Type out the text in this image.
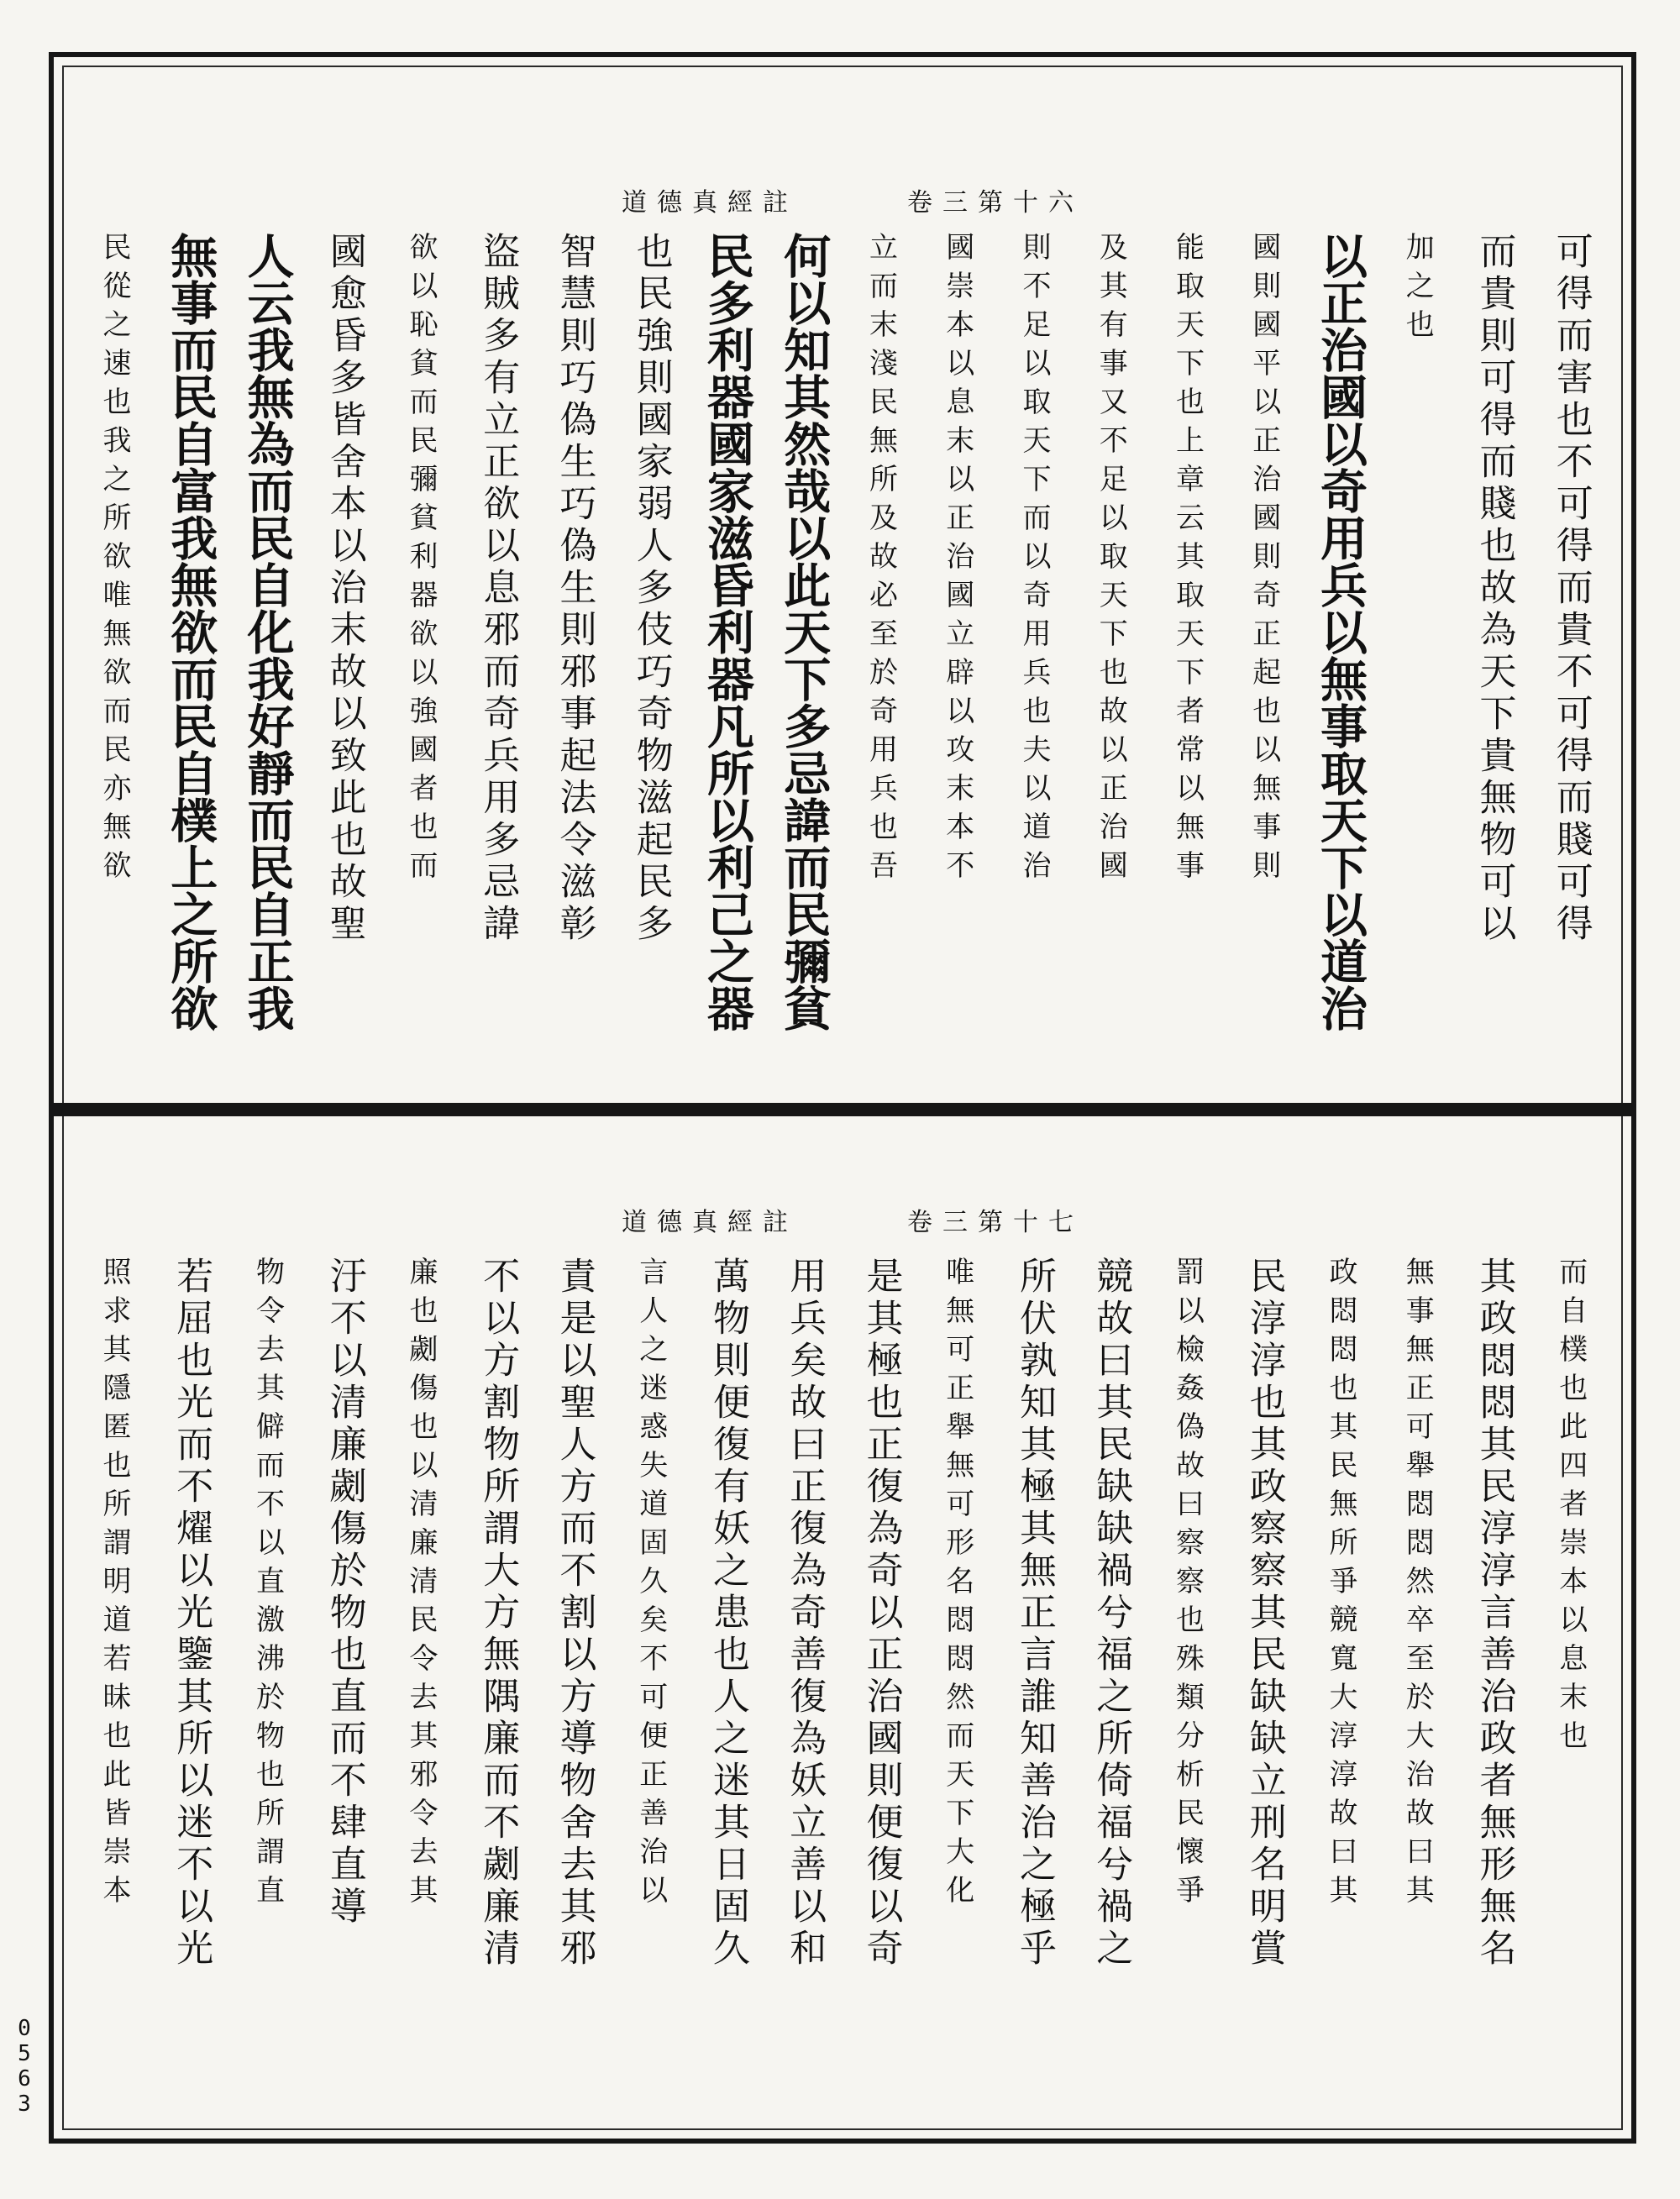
道德真經註	卷三第十六
可得而害也不可得而貴不可得而賤可得
而貴則可得而賤也故為天下貴無物可以
加之也
以正治國以奇用兵以無事取天下以道治
國則國平以正治國則奇正起也以無事則
能取天下也上章云其取天下者常以無事
及其有事又不足以取天下也故以正治國
則不足以取天下而以奇用兵也夫以道治
國崇本以息末以正治國立辟以攻末本不
立而末淺民無所及故必至於奇用兵也吾
何以知其然哉以此天下多忌諱而民彌貧
民多利器國家滋昏利器凡所以利己之器
也民強則國家弱人多伎巧奇物滋起民多
智慧則巧偽生巧偽生則邪事起法令滋彰
盜賊多有立正欲以息邪而奇兵用多忌諱
欲以恥貧而民彌貧利器欲以強國者也而
國愈昏多皆舍本以治末故以致此也故聖
人云我無為而民自化我好靜而民自正我
無事而民自富我無欲而民自樸上之所欲
民從之速也我之所欲唯無欲而民亦無欲
道德真經註	卷三第十七
而自樸也此四者崇本以息末也
其政悶悶其民淳淳言善治政者無形無名
無事無正可舉悶悶然卒至於大治故曰其
政悶悶也其民無所爭競寬大淳淳故曰其
民淳淳也其政察察其民缺缺立刑名明賞
罰以檢姦偽故曰察察也殊類分析民懷爭
競故曰其民缺缺禍兮福之所倚福兮禍之
所伏孰知其極其無正言誰知善治之極乎
唯無可正舉無可形名悶悶然而天下大化
是其極也正復為奇以正治國則便復以奇
用兵矣故曰正復為奇善復為妖立善以和
萬物則便復有妖之患也人之迷其日固久
言人之迷惑失道固久矣不可便正善治以
責是以聖人方而不割以方導物舍去其邪
不以方割物所謂大方無隅廉而不劌廉清
廉也劌傷也以清廉清民令去其邪令去其
汙不以清廉劌傷於物也直而不肆直導
物令去其僻而不以直激沸於物也所謂直
若屈也光而不燿以光鑒其所以迷不以光
照求其隱匿也所謂明道若昧也此皆崇本
0
5
6
3
